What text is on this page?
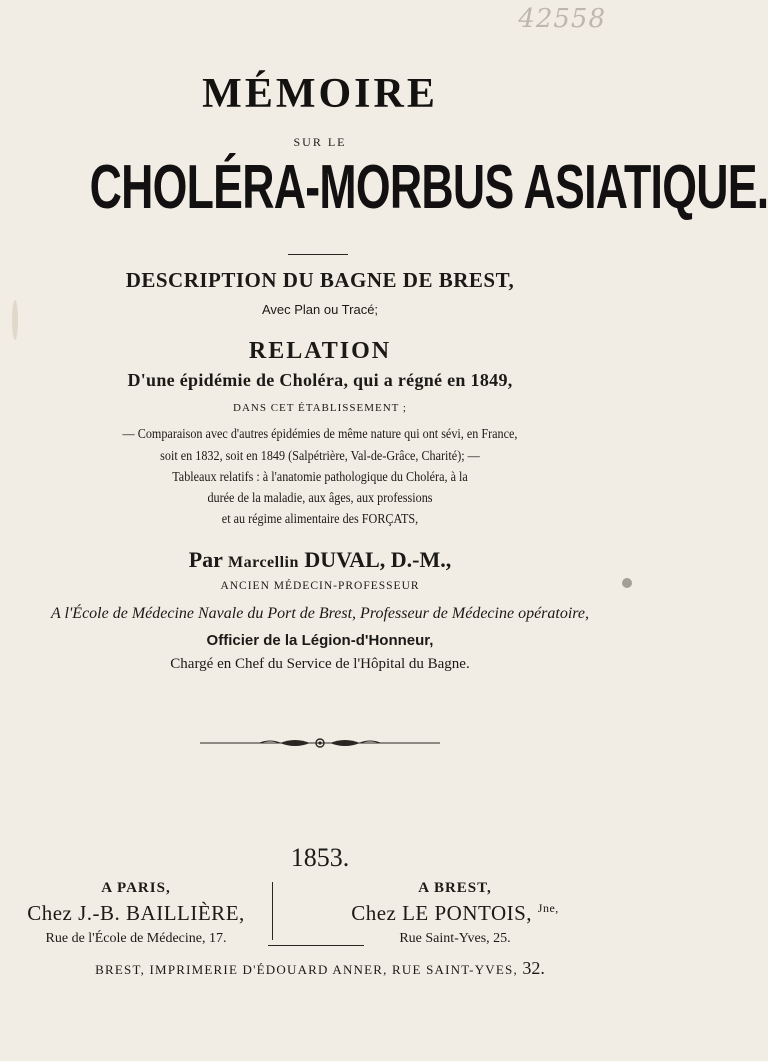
42558
MÉMOIRE
SUR LE
CHOLÉRA-MORBUS ASIATIQUE.
DESCRIPTION DU BAGNE DE BREST,
Avec Plan ou Tracé;
RELATION
D'une épidémie de Choléra, qui a régné en 1849,
DANS CET ÉTABLISSEMENT ;
— Comparaison avec d'autres épidémies de même nature qui ont sévi, en France,
soit en 1832, soit en 1849 (Salpétrière, Val-de-Grâce, Charité); —
Tableaux relatifs : à l'anatomie pathologique du Choléra, à la
durée de la maladie, aux âges, aux professions
et au régime alimentaire des FORÇATS,
Par Marcellin DUVAL, D.-M.,
ANCIEN MÉDECIN-PROFESSEUR
A l'École de Médecine Navale du Port de Brest, Professeur de Médecine opératoire,
Officier de la Légion-d'Honneur,
Chargé en Chef du Service de l'Hôpital du Bagne.
1853.
A PARIS,
Chez J.-B. BAILLIÈRE,
Rue de l'École de Médecine, 17.
A BREST,
Chez LE PONTOIS, $^{Jne,}$
Rue Saint-Yves, 25.
BREST, IMPRIMERIE D'ÉDOUARD ANNER, RUE SAINT-YVES, 32.
